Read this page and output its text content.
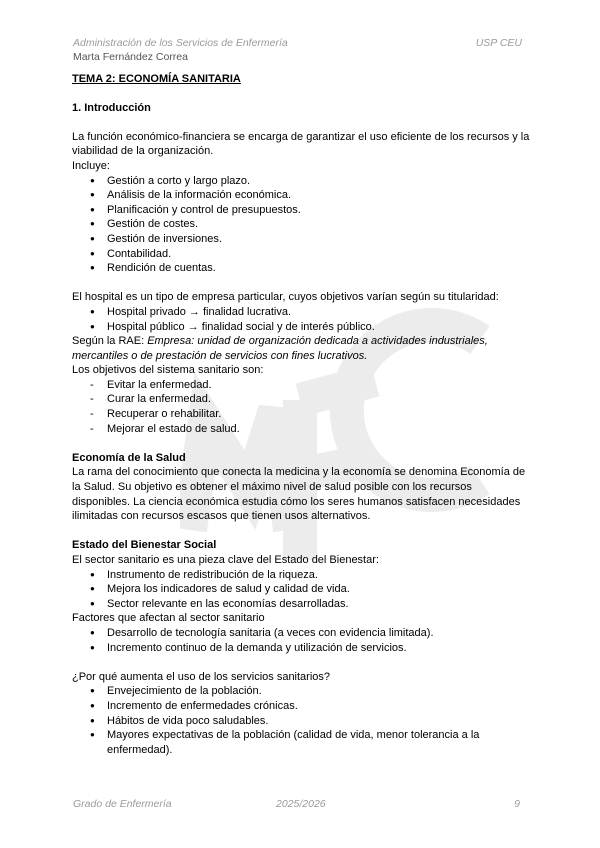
Administración de los Servicios de Enfermería	USP CEU
Marta Fernández Correa

TEMA 2: ECONOMÍA SANITARIA

1. Introducción

La función económico-financiera se encarga de garantizar el uso eficiente de los recursos y la viabilidad de la organización.

Incluye:

● Gestión a corto y largo plazo.
● Análisis de la información económica.
● Planificación y control de presupuestos.
● Gestión de costes.
● Gestión de inversiones.
● Contabilidad.
● Rendición de cuentas.

El hospital es un tipo de empresa particular, cuyos objetivos varían según su titularidad:

● Hospital privado → finalidad lucrativa.
● Hospital público → finalidad social y de interés público.

Según la RAE: Empresa: unidad de organización dedicada a actividades industriales, mercantiles o de prestación de servicios con fines lucrativos.

Los objetivos del sistema sanitario son:

- Evitar la enfermedad.
- Curar la enfermedad.
- Recuperar o rehabilitar.
- Mejorar el estado de salud.

Economía de la Salud

La rama del conocimiento que conecta la medicina y la economía se denomina Economía de la Salud. Su objetivo es obtener el máximo nivel de salud posible con los recursos disponibles. La ciencia económica estudia cómo los seres humanos satisfacen necesidades ilimitadas con recursos escasos que tienen usos alternativos.

Estado del Bienestar Social

El sector sanitario es una pieza clave del Estado del Bienestar:

● Instrumento de redistribución de la riqueza.
● Mejora los indicadores de salud y calidad de vida.
● Sector relevante en las economías desarrolladas.

Factores que afectan al sector sanitario

● Desarrollo de tecnología sanitaria (a veces con evidencia limitada).
● Incremento continuo de la demanda y utilización de servicios.

¿Por qué aumenta el uso de los servicios sanitarios?

● Envejecimiento de la población.
● Incremento de enfermedades crónicas.
● Hábitos de vida poco saludables.
● Mayores expectativas de la población (calidad de vida, menor tolerancia a la enfermedad).
Grado de Enfermería	2025/2026	9
